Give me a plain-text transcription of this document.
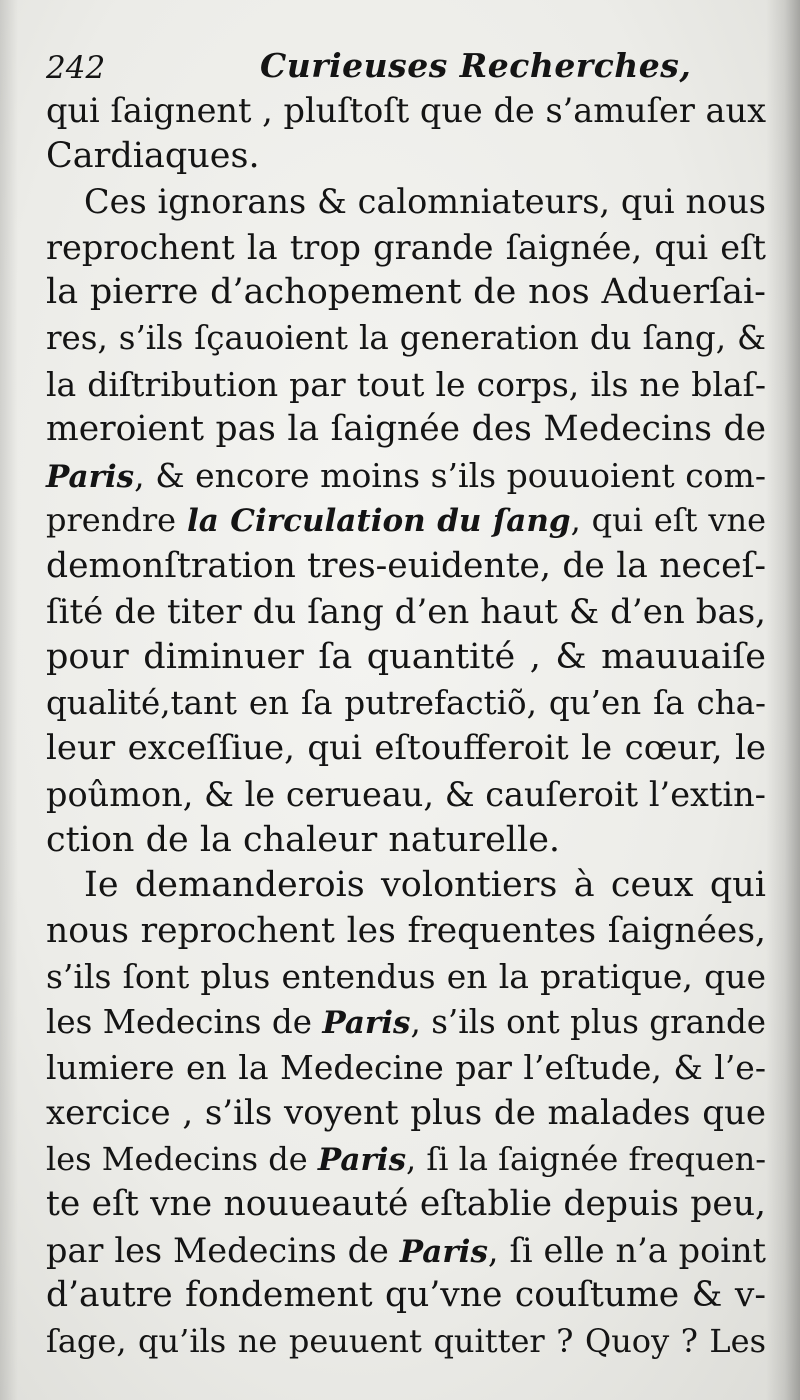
242	Curieuses Recherches,
qui ſaignent , pluſtoſt que de s’amuſer aux
Cardiaques.
Ces ignorans & calomniateurs, qui nous
reprochent la trop grande ſaignée, qui eſt
la pierre d’achopement de nos Aduerſai-
res, s’ils ſçauoient la generation du ſang, &
la diſtribution par tout le corps, ils ne blaſ-
meroient pas la ſaignée des Medecins de
Paris, & encore moins s’ils pouuoient com-
prendre la Circulation du ſang, qui eſt vne
demonſtration tres-euidente, de la neceſ-
ſité de titer du ſang d’en haut & d’en bas,
pour diminuer ſa quantité , & mauuaiſe
qualité,tant en ſa putrefactiõ, qu’en ſa cha-
leur exceſſiue, qui eſtoufferoit le cœur, le
poûmon, & le cerueau, & cauſeroit l’extin-
ction de la chaleur naturelle.
Ie demanderois volontiers à ceux qui
nous reprochent les frequentes ſaignées,
s’ils ſont plus entendus en la pratique, que
les Medecins de Paris, s’ils ont plus grande
lumiere en la Medecine par l’eſtude, & l’e-
xercice , s’ils voyent plus de malades que
les Medecins de Paris, ſi la ſaignée frequen-
te eſt vne nouueauté eſtablie depuis peu,
par les Medecins de Paris, ſi elle n’a point
d’autre fondement qu’vne couſtume & v-
ſage, qu’ils ne peuuent quitter ? Quoy ? Les
